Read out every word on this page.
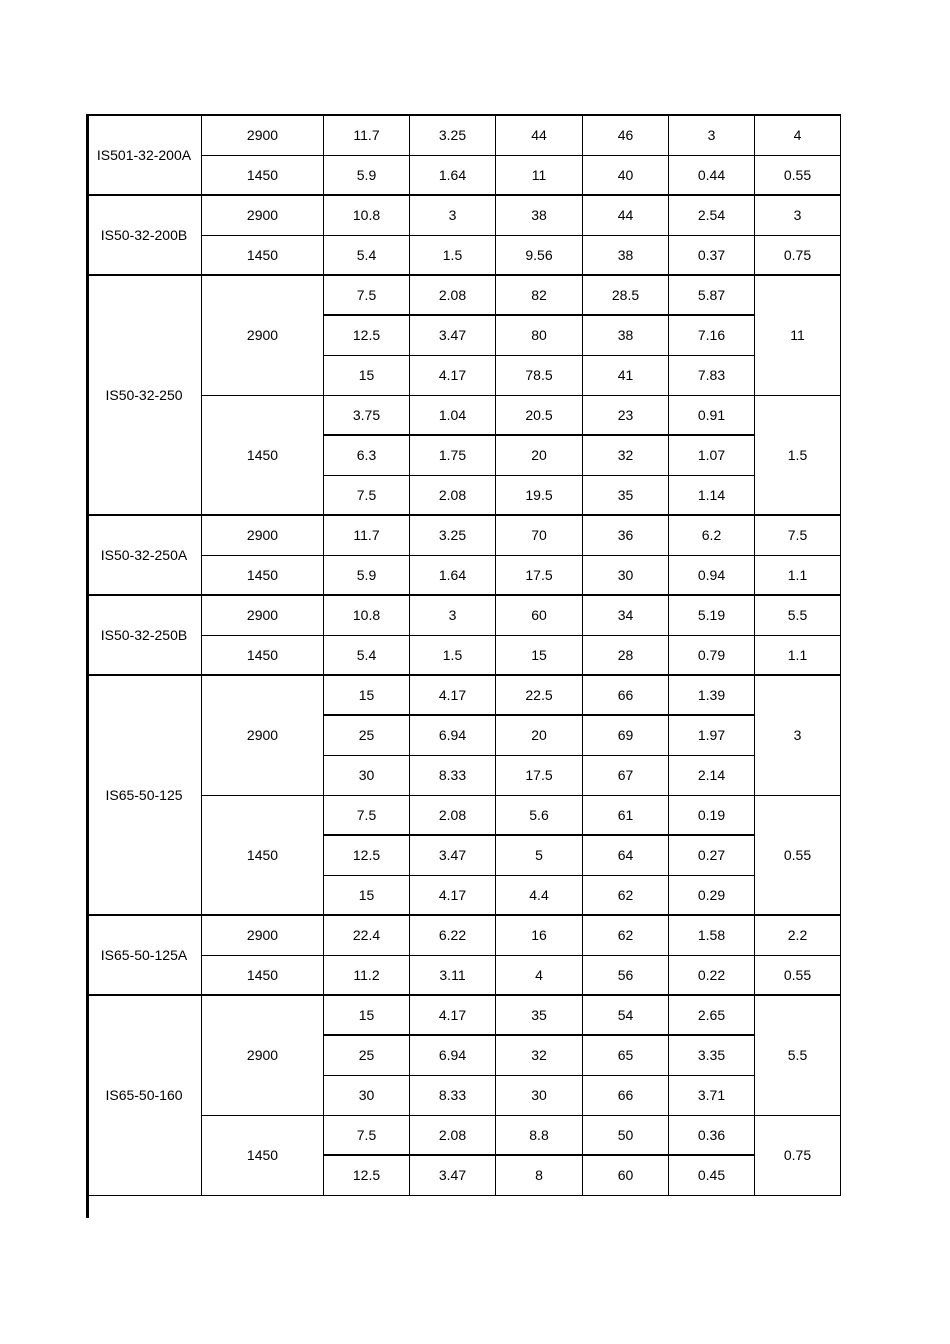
IS501-32-200A	2900	11.7	3.25	44	46	3	4
	1450	5.9	1.64	11	40	0.44	0.55
IS50-32-200B	2900	10.8	3	38	44	2.54	3
	1450	5.4	1.5	9.56	38	0.37	0.75
IS50-32-250	2900	7.5	2.08	82	28.5	5.87	11
		12.5	3.47	80	38	7.16	
		15	4.17	78.5	41	7.83	
	1450	3.75	1.04	20.5	23	0.91	1.5
		6.3	1.75	20	32	1.07	
		7.5	2.08	19.5	35	1.14	
IS50-32-250A	2900	11.7	3.25	70	36	6.2	7.5
	1450	5.9	1.64	17.5	30	0.94	1.1
IS50-32-250B	2900	10.8	3	60	34	5.19	5.5
	1450	5.4	1.5	15	28	0.79	1.1
IS65-50-125	2900	15	4.17	22.5	66	1.39	3
		25	6.94	20	69	1.97	
		30	8.33	17.5	67	2.14	
	1450	7.5	2.08	5.6	61	0.19	0.55
		12.5	3.47	5	64	0.27	
		15	4.17	4.4	62	0.29	
IS65-50-125A	2900	22.4	6.22	16	62	1.58	2.2
	1450	11.2	3.11	4	56	0.22	0.55
IS65-50-160	2900	15	4.17	35	54	2.65	5.5
		25	6.94	32	65	3.35	
		30	8.33	30	66	3.71	
	1450	7.5	2.08	8.8	50	0.36	0.75
		12.5	3.47	8	60	0.45	
